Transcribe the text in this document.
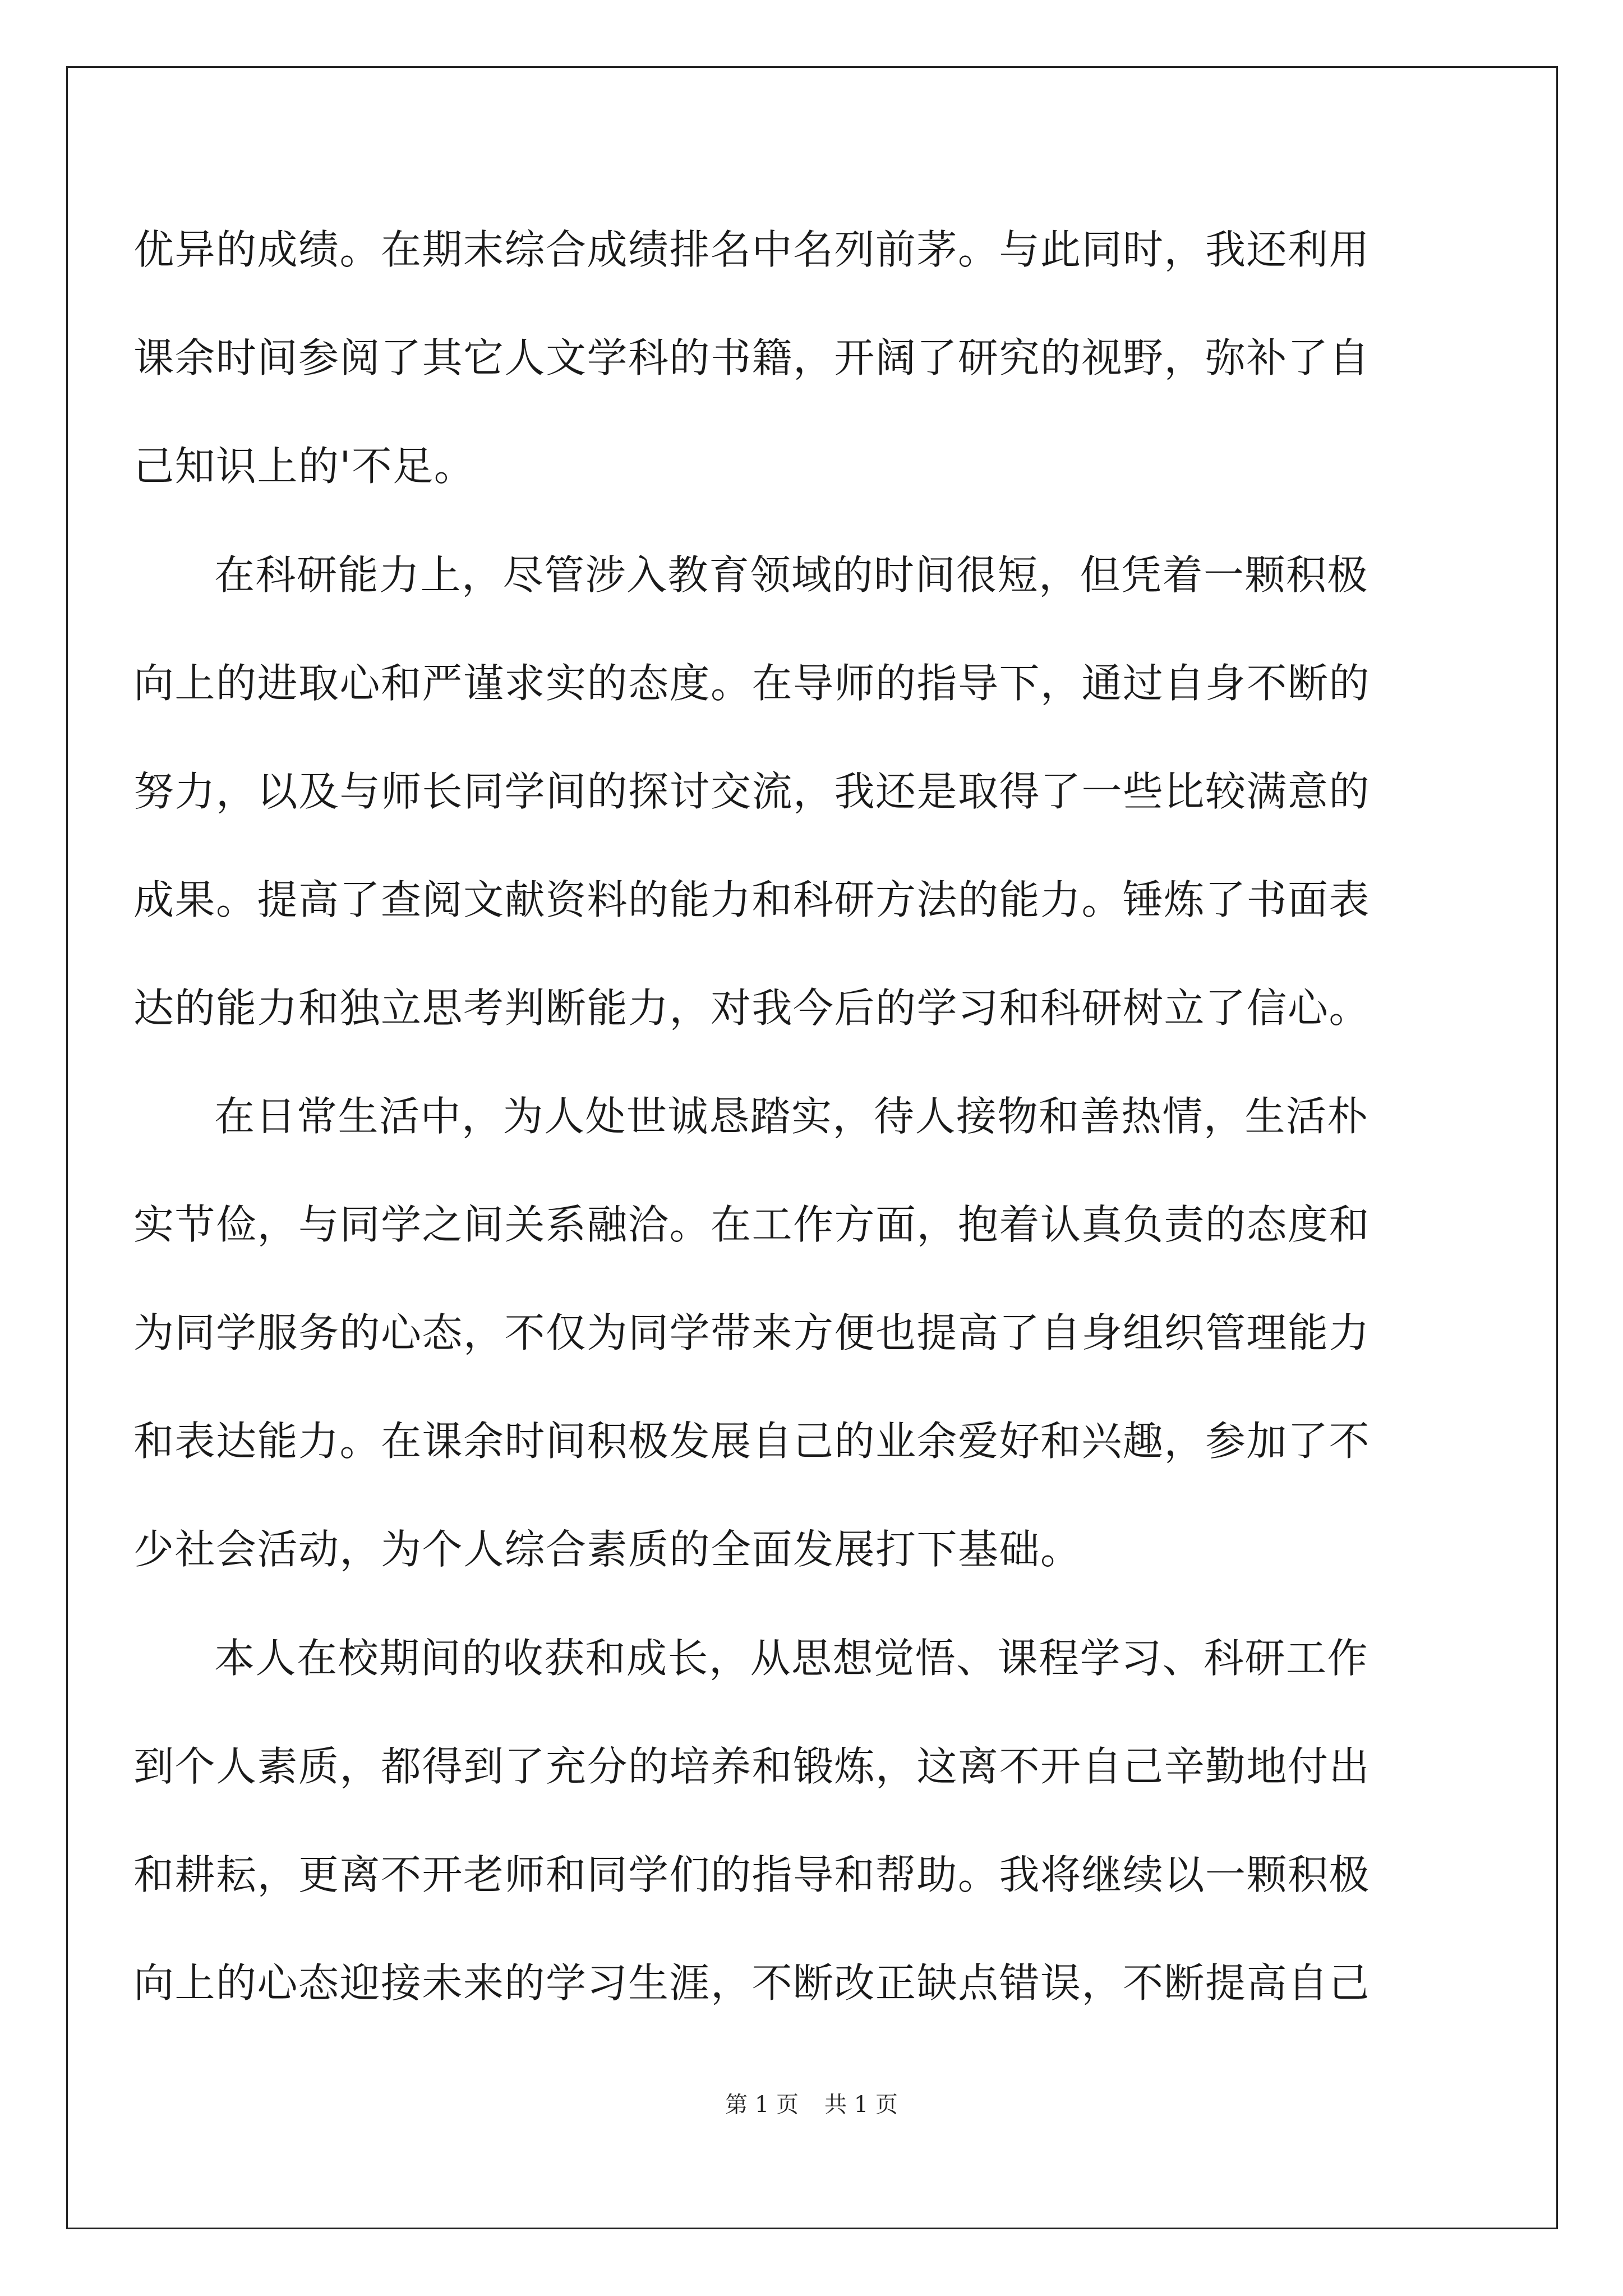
优异的成绩。在期末综合成绩排名中名列前茅。与此同时，我还利用
课余时间参阅了其它人文学科的书籍，开阔了研究的视野，弥补了自
己知识上的'不足。
在科研能力上，尽管涉入教育领域的时间很短，但凭着一颗积极
向上的进取心和严谨求实的态度。在导师的指导下，通过自身不断的
努力，以及与师长同学间的探讨交流，我还是取得了一些比较满意的
成果。提高了查阅文献资料的能力和科研方法的能力。锤炼了书面表
达的能力和独立思考判断能力，对我今后的学习和科研树立了信心。
在日常生活中，为人处世诚恳踏实，待人接物和善热情，生活朴
实节俭，与同学之间关系融洽。在工作方面，抱着认真负责的态度和
为同学服务的心态，不仅为同学带来方便也提高了自身组织管理能力
和表达能力。在课余时间积极发展自己的业余爱好和兴趣，参加了不
少社会活动，为个人综合素质的全面发展打下基础。
本人在校期间的收获和成长，从思想觉悟、课程学习、科研工作
到个人素质，都得到了充分的培养和锻炼，这离不开自己辛勤地付出
和耕耘，更离不开老师和同学们的指导和帮助。我将继续以一颗积极
向上的心态迎接未来的学习生涯，不断改正缺点错误，不断提高自己
第 1 页 共 1 页
